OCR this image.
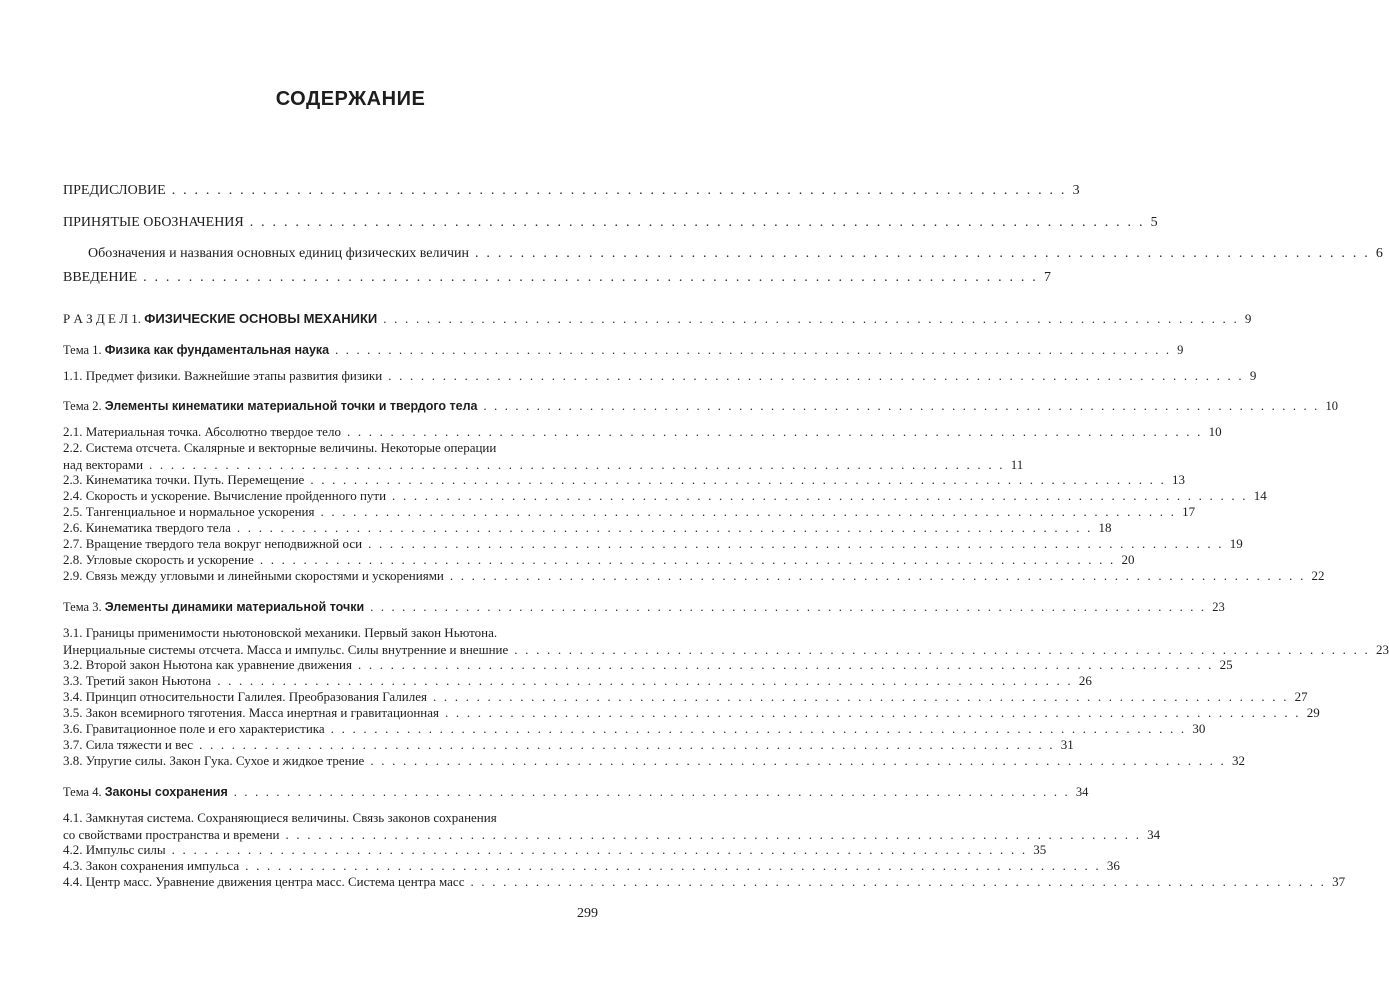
СОДЕРЖАНИЕ
ПРЕДИСЛОВИЕ . . . . . . . . . . . . . . . . . . . . . . . . . . . . . . . . . . . . . . . . . . . . . . . . . . . . . . . . . . . . . . . . . . . . . . . . . . . . . . . 3
ПРИНЯТЫЕ ОБОЗНАЧЕНИЯ . . . . . . . . . . . . . . . . . . . . . . . . . . . . . . . . . . . . . . . . . . . . . . . . . . . . . . . . . . . . . . . . . . . . . . . . . . . . . . . 5
Обозначения и названия основных единиц физических величин . . . . . . . . . . . . . . . . . . . . . . . . . . . . . . . . . . . . . . . . . . . . . . . . . . . . . . . . . . . . . . . . . . . . . . . . . . . . . . . 6
ВВЕДЕНИЕ . . . . . . . . . . . . . . . . . . . . . . . . . . . . . . . . . . . . . . . . . . . . . . . . . . . . . . . . . . . . . . . . . . . . . . . . . . . . . . . 7
Р А З Д Е Л 1. ФИЗИЧЕСКИЕ ОСНОВЫ МЕХАНИКИ . . . . . . . . . . . . . . . . . . . . . . . . . . . . . . . . . . . . . . . . . . . . . . . . . . . . . . . . . . . . . . . . . . . . . . . . . . . . . . . 9
Тема 1. Физика как фундаментальная наука . . . . . . . . . . . . . . . . . . . . . . . . . . . . . . . . . . . . . . . . . . . . . . . . . . . . . . . . . . . . . . . . . . . . . . . . . . . . . . . 9
1.1. Предмет физики. Важнейшие этапы развития физики . . . . . . . . . . . . . . . . . . . . . . . . . . . . . . . . . . . . . . . . . . . . . . . . . . . . . . . . . . . . . . . . . . . . . . . . . . . . . . . 9
Тема 2. Элементы кинематики материальной точки и твердого тела . . . . . . . . . . . . . . . . . . . . . . . . . . . . . . . . . . . . . . . . . . . . . . . . . . . . . . . . . . . . . . . . . . . . . . . . . . . . . . . 10
2.1. Материальная точка. Абсолютно твердое тело . . . . . . . . . . . . . . . . . . . . . . . . . . . . . . . . . . . . . . . . . . . . . . . . . . . . . . . . . . . . . . . . . . . . . . . . . . . . . . . 10
2.2. Система отсчета. Скалярные и векторные величины. Некоторые операции
над векторами . . . . . . . . . . . . . . . . . . . . . . . . . . . . . . . . . . . . . . . . . . . . . . . . . . . . . . . . . . . . . . . . . . . . . . . . . . . . . . . 11
2.3. Кинематика точки. Путь. Перемещение . . . . . . . . . . . . . . . . . . . . . . . . . . . . . . . . . . . . . . . . . . . . . . . . . . . . . . . . . . . . . . . . . . . . . . . . . . . . . . . 13
2.4. Скорость и ускорение. Вычисление пройденного пути . . . . . . . . . . . . . . . . . . . . . . . . . . . . . . . . . . . . . . . . . . . . . . . . . . . . . . . . . . . . . . . . . . . . . . . . . . . . . . . 14
2.5. Тангенциальное и нормальное ускорения . . . . . . . . . . . . . . . . . . . . . . . . . . . . . . . . . . . . . . . . . . . . . . . . . . . . . . . . . . . . . . . . . . . . . . . . . . . . . . . 17
2.6. Кинематика твердого тела . . . . . . . . . . . . . . . . . . . . . . . . . . . . . . . . . . . . . . . . . . . . . . . . . . . . . . . . . . . . . . . . . . . . . . . . . . . . . . . 18
2.7. Вращение твердого тела вокруг неподвижной оси . . . . . . . . . . . . . . . . . . . . . . . . . . . . . . . . . . . . . . . . . . . . . . . . . . . . . . . . . . . . . . . . . . . . . . . . . . . . . . . 19
2.8. Угловые скорость и ускорение . . . . . . . . . . . . . . . . . . . . . . . . . . . . . . . . . . . . . . . . . . . . . . . . . . . . . . . . . . . . . . . . . . . . . . . . . . . . . . . 20
2.9. Связь между угловыми и линейными скоростями и ускорениями . . . . . . . . . . . . . . . . . . . . . . . . . . . . . . . . . . . . . . . . . . . . . . . . . . . . . . . . . . . . . . . . . . . . . . . . . . . . . . . 22
Тема 3. Элементы динамики материальной точки . . . . . . . . . . . . . . . . . . . . . . . . . . . . . . . . . . . . . . . . . . . . . . . . . . . . . . . . . . . . . . . . . . . . . . . . . . . . . . . 23
3.1. Границы применимости ньютоновской механики. Первый закон Ньютона.
Инерциальные системы отсчета. Масса и импульс. Силы внутренние и внешние . . . . . . . . . . . . . . . . . . . . . . . . . . . . . . . . . . . . . . . . . . . . . . . . . . . . . . . . . . . . . . . . . . . . . . . . . . . . . . . 23
3.2. Второй закон Ньютона как уравнение движения . . . . . . . . . . . . . . . . . . . . . . . . . . . . . . . . . . . . . . . . . . . . . . . . . . . . . . . . . . . . . . . . . . . . . . . . . . . . . . . 25
3.3. Третий закон Ньютона . . . . . . . . . . . . . . . . . . . . . . . . . . . . . . . . . . . . . . . . . . . . . . . . . . . . . . . . . . . . . . . . . . . . . . . . . . . . . . . 26
3.4. Принцип относительности Галилея. Преобразования Галилея . . . . . . . . . . . . . . . . . . . . . . . . . . . . . . . . . . . . . . . . . . . . . . . . . . . . . . . . . . . . . . . . . . . . . . . . . . . . . . . 27
3.5. Закон всемирного тяготения. Масса инертная и гравитационная . . . . . . . . . . . . . . . . . . . . . . . . . . . . . . . . . . . . . . . . . . . . . . . . . . . . . . . . . . . . . . . . . . . . . . . . . . . . . . . 29
3.6. Гравитационное поле и его характеристика . . . . . . . . . . . . . . . . . . . . . . . . . . . . . . . . . . . . . . . . . . . . . . . . . . . . . . . . . . . . . . . . . . . . . . . . . . . . . . . 30
3.7. Сила тяжести и вес . . . . . . . . . . . . . . . . . . . . . . . . . . . . . . . . . . . . . . . . . . . . . . . . . . . . . . . . . . . . . . . . . . . . . . . . . . . . . . . 31
3.8. Упругие силы. Закон Гука. Сухое и жидкое трение . . . . . . . . . . . . . . . . . . . . . . . . . . . . . . . . . . . . . . . . . . . . . . . . . . . . . . . . . . . . . . . . . . . . . . . . . . . . . . . 32
Тема 4. Законы сохранения . . . . . . . . . . . . . . . . . . . . . . . . . . . . . . . . . . . . . . . . . . . . . . . . . . . . . . . . . . . . . . . . . . . . . . . . . . . . . . . 34
4.1. Замкнутая система. Сохраняющиеся величины. Связь законов сохранения
со свойствами пространства и времени . . . . . . . . . . . . . . . . . . . . . . . . . . . . . . . . . . . . . . . . . . . . . . . . . . . . . . . . . . . . . . . . . . . . . . . . . . . . . . . 34
4.2. Импульс силы . . . . . . . . . . . . . . . . . . . . . . . . . . . . . . . . . . . . . . . . . . . . . . . . . . . . . . . . . . . . . . . . . . . . . . . . . . . . . . . 35
4.3. Закон сохранения импульса . . . . . . . . . . . . . . . . . . . . . . . . . . . . . . . . . . . . . . . . . . . . . . . . . . . . . . . . . . . . . . . . . . . . . . . . . . . . . . . 36
4.4. Центр масс. Уравнение движения центра масс. Система центра масс . . . . . . . . . . . . . . . . . . . . . . . . . . . . . . . . . . . . . . . . . . . . . . . . . . . . . . . . . . . . . . . . . . . . . . . . . . . . . . . 37
299
